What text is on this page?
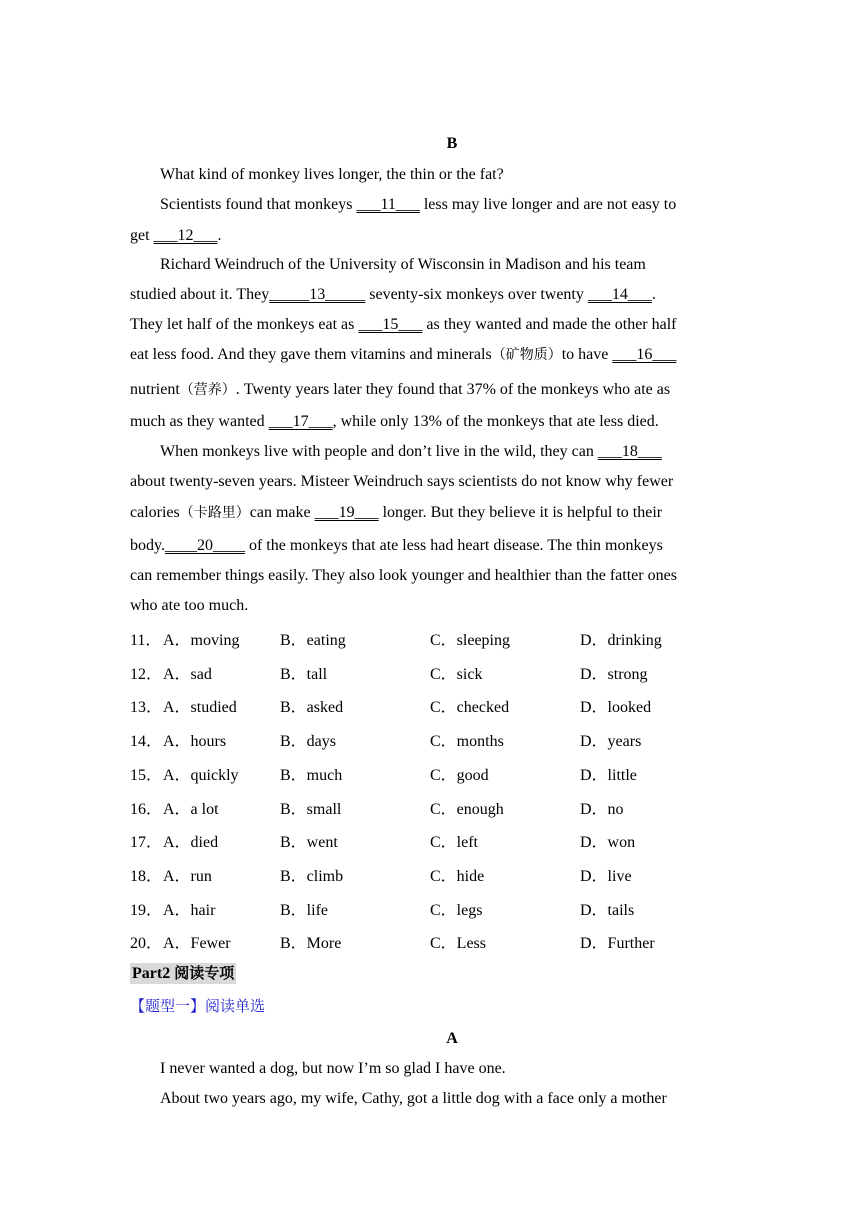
B
What kind of monkey lives longer, the thin or the fat?
Scientists found that monkeys ___11___ less may live longer and are not easy to
get ___12___.
Richard Weindruch of the University of Wisconsin in Madison and his team
studied about it. They_____13_____ seventy-six monkeys over twenty ___14___.
They let half of the monkeys eat as ___15___ as they wanted and made the other half
eat less food. And they gave them vitamins and minerals（矿物质）to have ___16___
nutrient（营养）. Twenty years later they found that 37% of the monkeys who ate as
much as they wanted ___17___, while only 13% of the monkeys that ate less died.
When monkeys live with people and don’t live in the wild, they can ___18___
about twenty-seven years. Misteer Weindruch says scientists do not know why fewer
calories（卡路里）can make ___19___ longer. But they believe it is helpful to their
body.____20____ of the monkeys that ate less had heart disease. The thin monkeys
can remember things easily. They also look younger and healthier than the fatter ones
who ate too much.
11． A．moving	B．eating	C．sleeping	D．drinking
12． A．sad	B．tall	C．sick	D．strong
13． A．studied	B．asked	C．checked	D．looked
14． A．hours	B．days	C．months	D．years
15． A．quickly	B．much	C．good	D．little
16． A．a lot	B．small	C．enough	D．no
17． A．died	B．went	C．left	D．won
18． A．run	B．climb	C．hide	D．live
19． A．hair	B．life	C．legs	D．tails
20． A．Fewer	B．More	C．Less	D．Further
Part2 阅读专项
【题型一】阅读单选
A
I never wanted a dog, but now I’m so glad I have one.
About two years ago, my wife, Cathy, got a little dog with a face only a mother
